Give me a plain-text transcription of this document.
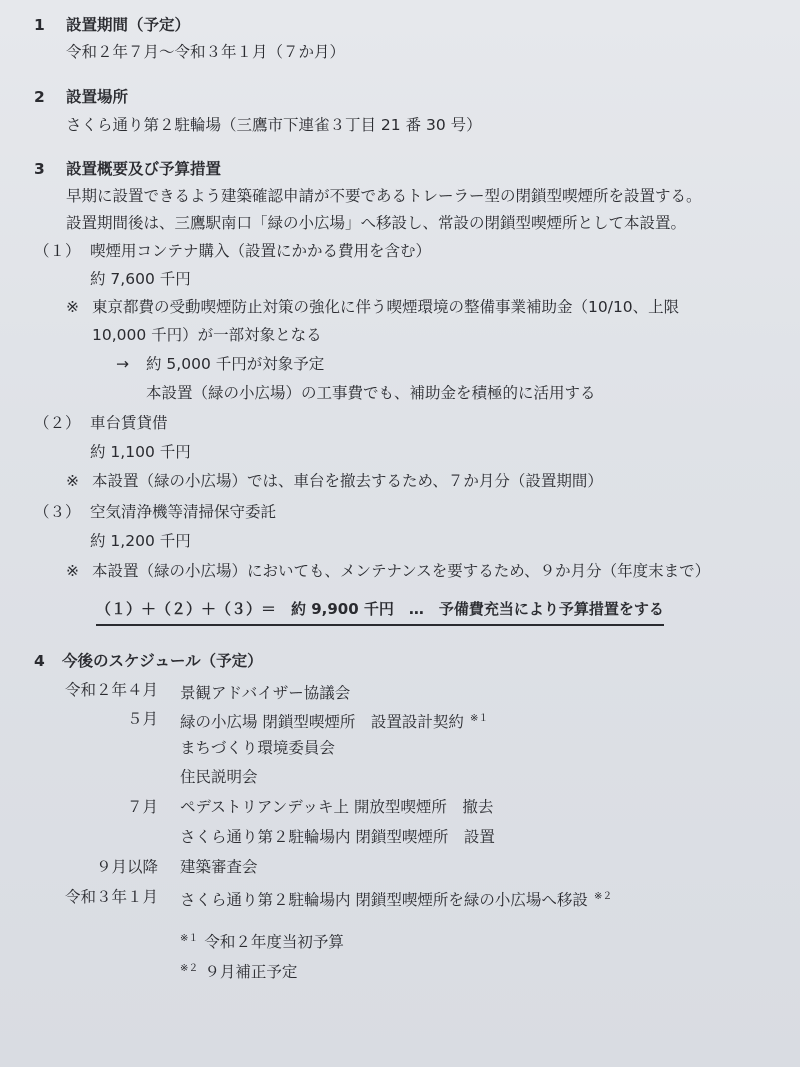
1 設置期間（予定）
令和２年７月～令和３年１月（７か月）
2 設置場所
さくら通り第２駐輪場（三鷹市下連雀３丁目 21 番 30 号）
3 設置概要及び予算措置
早期に設置できるよう建築確認申請が不要であるトレーラー型の閉鎖型喫煙所を設置する。
設置期間後は、三鷹駅南口「緑の小広場」へ移設し、常設の閉鎖型喫煙所として本設置。
（１） 喫煙用コンテナ購入（設置にかかる費用を含む）
約 7,600 千円
※ 東京都費の受動喫煙防止対策の強化に伴う喫煙環境の整備事業補助金（10/10、上限
10,000 千円）が一部対象となる
→ 約 5,000 千円が対象予定
本設置（緑の小広場）の工事費でも、補助金を積極的に活用する
（２） 車台賃貸借
約 1,100 千円
※ 本設置（緑の小広場）では、車台を撤去するため、７か月分（設置期間）
（３） 空気清浄機等清掃保守委託
約 1,200 千円
※ 本設置（緑の小広場）においても、メンテナンスを要するため、９か月分（年度末まで）
（１）＋（２）＋（３）＝　約 9,900 千円　…　予備費充当により予算措置をする
4 今後のスケジュール（予定）
令和２年４月 景観アドバイザー協議会
５月 緑の小広場 閉鎖型喫煙所　設置設計契約 $^{※1}$
まちづくり環境委員会
住民説明会
７月 ペデストリアンデッキ上 開放型喫煙所　撤去
さくら通り第２駐輪場内 閉鎖型喫煙所　設置
９月以降 建築審査会
令和３年１月 さくら通り第２駐輪場内 閉鎖型喫煙所を緑の小広場へ移設 $^{※2}$
$^{※1}$ 令和２年度当初予算
$^{※2}$ ９月補正予定
